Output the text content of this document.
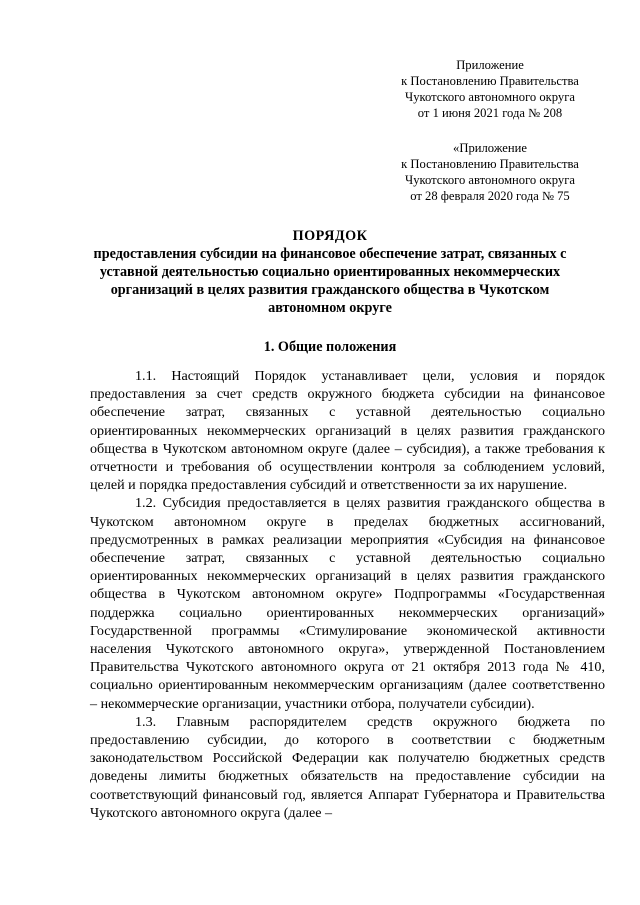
Приложение
к Постановлению Правительства
Чукотского автономного округа
от 1 июня 2021 года № 208
«Приложение
к Постановлению Правительства
Чукотского автономного округа
от 28 февраля 2020 года № 75
ПОРЯДОК
предоставления субсидии на финансовое обеспечение затрат, связанных с
уставной деятельностью социально ориентированных некоммерческих
организаций в целях развития гражданского общества в Чукотском
автономном округе
1. Общие положения

1.1. Настоящий Порядок устанавливает цели, условия и порядок предоставления за счет средств окружного бюджета субсидии на финансовое обеспечение затрат, связанных с уставной деятельностью социально ориентированных некоммерческих организаций в целях развития гражданского общества в Чукотском автономном округе (далее – субсидия), а также требования к отчетности и требования об осуществлении контроля за соблюдением условий, целей и порядка предоставления субсидий и ответственности за их нарушение.

1.2. Субсидия предоставляется в целях развития гражданского общества в Чукотском автономном округе в пределах бюджетных ассигнований, предусмотренных в рамках реализации мероприятия «Субсидия на финансовое обеспечение затрат, связанных с уставной деятельностью социально ориентированных некоммерческих организаций в целях развития гражданского общества в Чукотском автономном округе» Подпрограммы «Государственная поддержка социально ориентированных некоммерческих организаций» Государственной программы «Стимулирование экономической активности населения Чукотского автономного округа», утвержденной Постановлением Правительства Чукотского автономного округа от 21 октября 2013 года № 410, социально ориентированным некоммерческим организациям (далее соответственно – некоммерческие организации, участники отбора, получатели субсидии).

1.3. Главным распорядителем средств окружного бюджета по предоставлению субсидии, до которого в соответствии с бюджетным законодательством Российской Федерации как получателю бюджетных средств доведены лимиты бюджетных обязательств на предоставление субсидии на соответствующий финансовый год, является Аппарат Губернатора и Правительства Чукотского автономного округа (далее –
